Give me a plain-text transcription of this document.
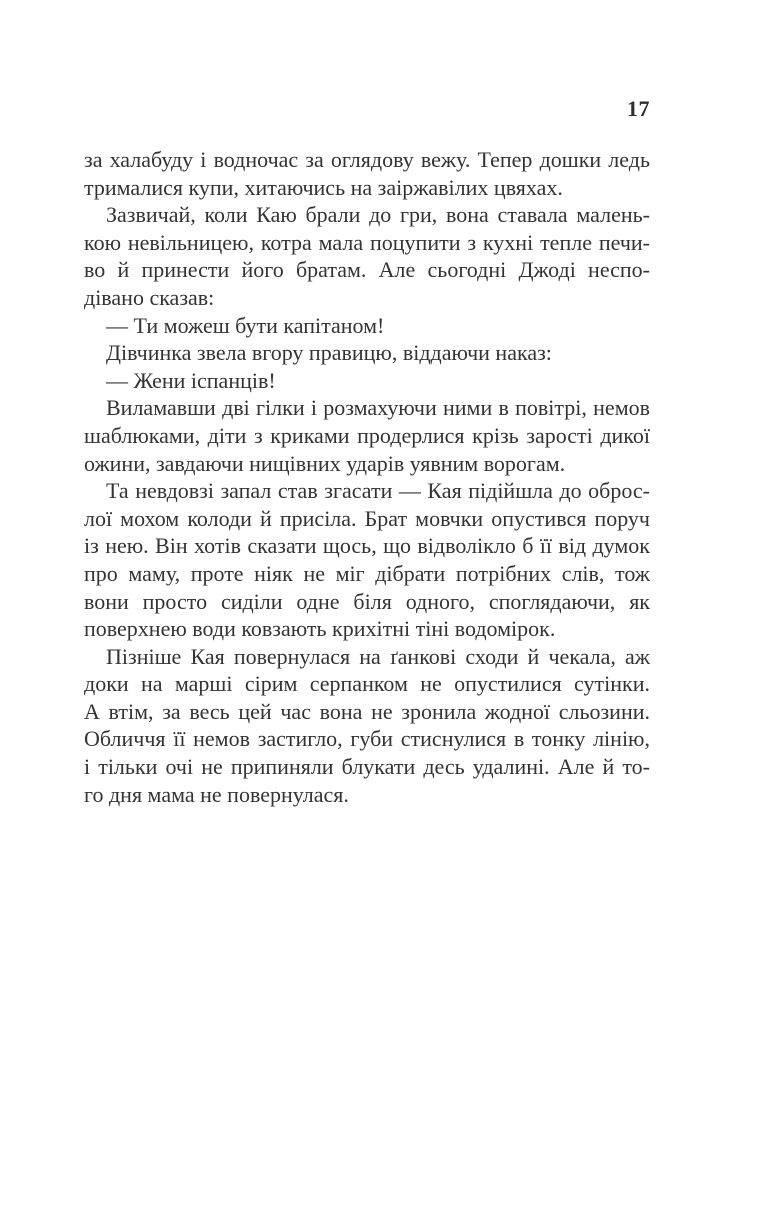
17
за халабуду і водночас за оглядову вежу. Тепер дошки ледь
трималися купи, хитаючись на заіржавілих цвяхах.
Зазвичай, коли Каю брали до гри, вона ставала малень-
кою невільницею, котра мала поцупити з кухні тепле печи-
во й принести його братам. Але сьогодні Джоді неспо-
дівано сказав:
— Ти можеш бути капітаном!
Дівчинка звела вгору правицю, віддаючи наказ:
— Жени іспанців!
Виламавши дві гілки і розмахуючи ними в повітрі, немов
шаблюками, діти з криками продерлися крізь зарості дикої
ожини, завдаючи нищівних ударів уявним ворогам.
Та невдовзі запал став згасати — Кая підійшла до оброс-
лої мохом колоди й присіла. Брат мовчки опустився поруч
із нею. Він хотів сказати щось, що відволікло б її від думок
про маму, проте ніяк не міг дібрати потрібних слів, тож
вони просто сиділи одне біля одного, споглядаючи, як
поверхнею води ковзають крихітні тіні водомірок.
Пізніше Кая повернулася на ґанкові сходи й чекала, аж
доки на марші сірим серпанком не опустилися сутінки.
А втім, за весь цей час вона не зронила жодної сльозини.
Обличчя її немов застигло, губи стиснулися в тонку лінію,
і тільки очі не припиняли блукати десь удалині. Але й то-
го дня мама не повернулася.
